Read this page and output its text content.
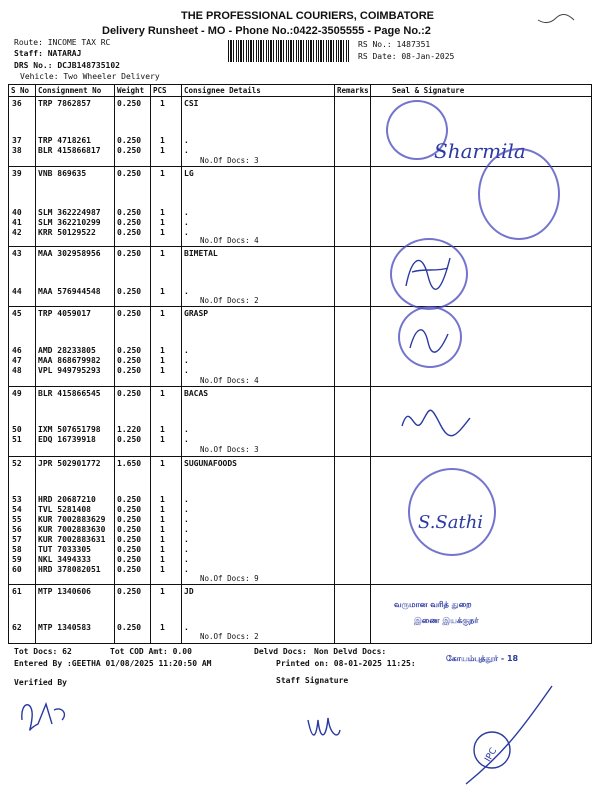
THE PROFESSIONAL COURIERS, COIMBATORE
Delivery Runsheet - MO - Phone No.:0422-3505555 - Page No.:2
Route: INCOME TAX RC
Staff: NATARAJ
DRS No.: DCJB148735102
Vehicle: Two Wheeler Delivery
RS No.: 1487351
RS Date: 08-Jan-2025
S No Consignment No Weight PCS Consignee Details	Remarks	Seal & Signature
36 TRP 7862857	0.250 1 CSI
37 TRP 4718261	0.250 1 .
38 BLR 415866817 0.250 1 .
39 VNB 869635	0.250 1 LG
40 SLM 362224987 0.250 1 .
41 SLM 362210299 0.250 1 .
42 KRR 50129522	0.250 1 .
43 MAA 302958956 0.250 1 BIMETAL
44 MAA 576944548 0.250 1 .
45 TRP 4059017	0.250 1 GRASP
46 AMD 28233805	0.250 1 .
47 MAA 868679982 0.250 1 .
48 VPL 949795293 0.250 1 .
49 BLR 415866545 0.250 1 BACAS
50 IXM 507651798 1.220 1 .
51 EDQ 16739918	0.250 1 .
52 JPR 502901772 1.650 1 SUGUNAFOODS
53 HRD 20687210	0.250 1 .
54 TVL 5281408	0.250 1 .
55 KUR 7002883629 0.250 1 .
56 KUR 7002883630 0.250 1 .
57 KUR 7002883631 0.250 1 .
58 TUT 7033305	0.250 1 .
59 NKL 3494333	0.250 1 .
60 HRD 378082051 0.250 1 .
61 MTP 1340606	0.250 1 JD
62 MTP 1340583	0.250 1 .
No.Of Docs: 3
No.Of Docs: 4
No.Of Docs: 2
No.Of Docs: 4
No.Of Docs: 3
No.Of Docs: 9
No.Of Docs: 2
Sharmila
S.Sathi
வருமான வரித் துறை
இணை இயக்குநர்
கோயம்புத்தூர் - 18
Tot Docs: 62	Tot COD Amt: 0.00	Delvd Docs: Non Delvd Docs:
Entered By :GEETHA 01/08/2025 11:20:50 AM	Printed on: 08-01-2025 11:25:
Verified By	Staff Signature
IPC
